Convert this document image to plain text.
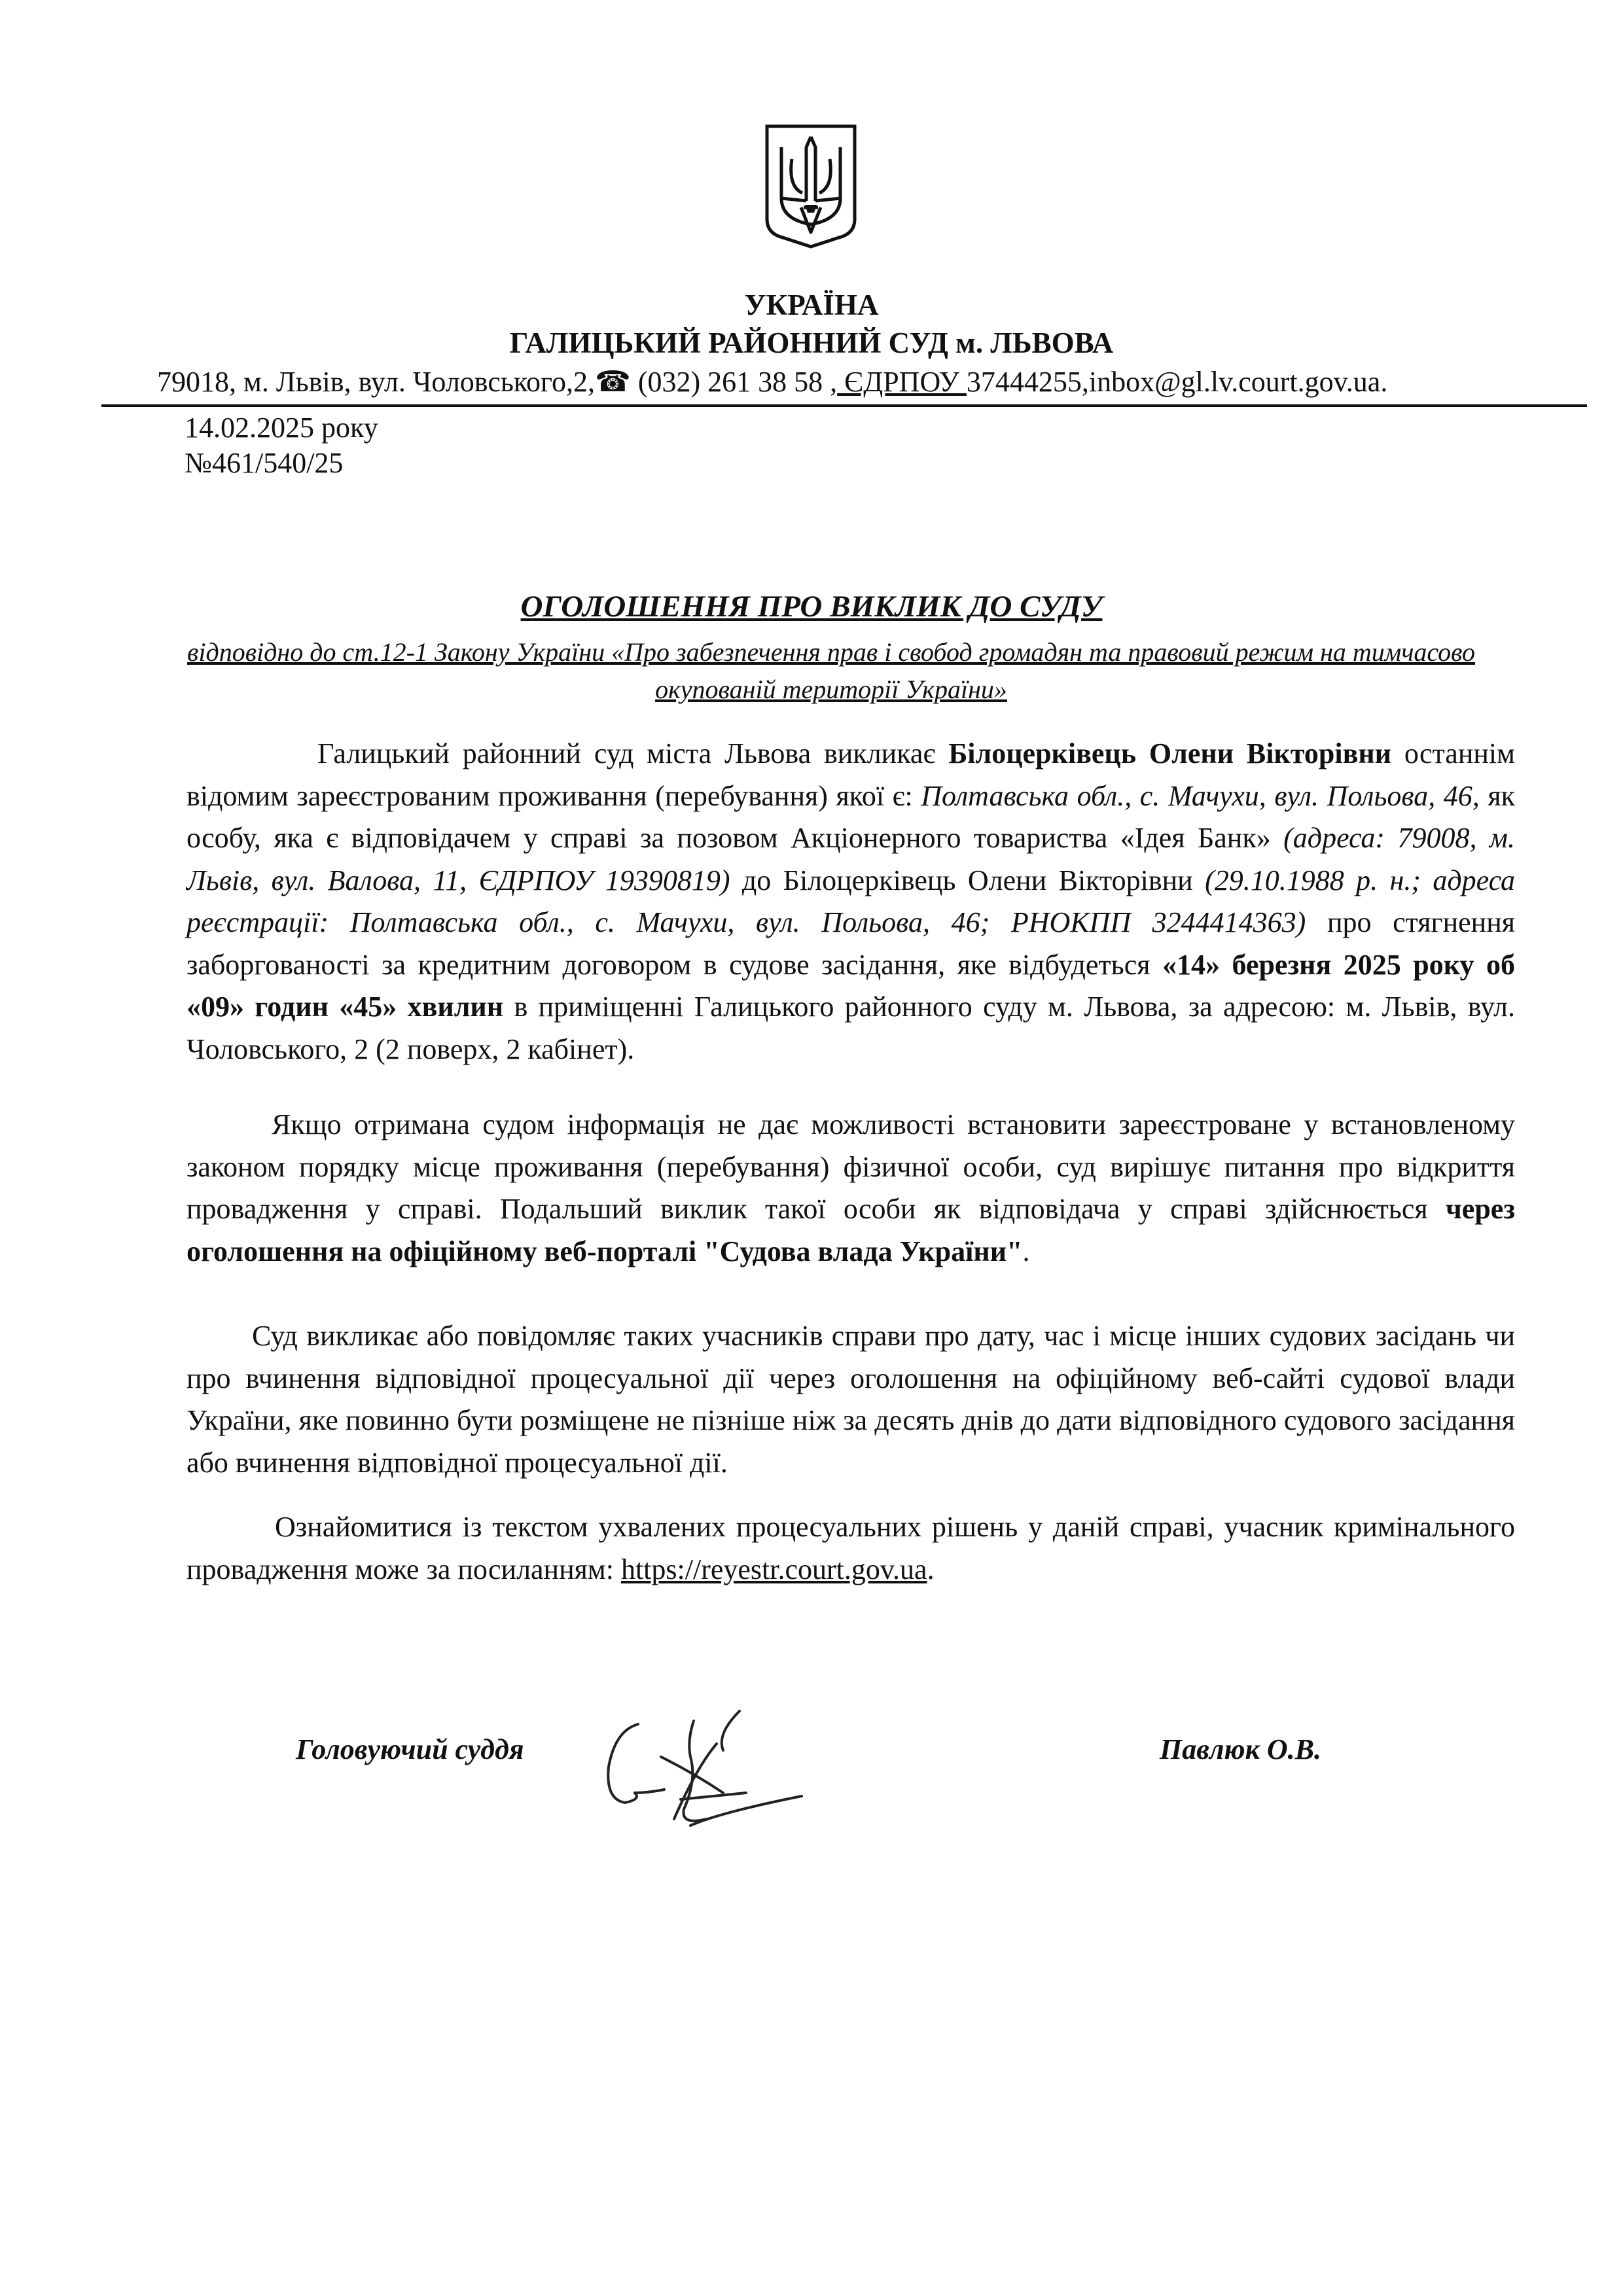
УКРАЇНА
ГАЛИЦЬКИЙ РАЙОННИЙ СУД м. ЛЬВОВА
79018, м. Львів, вул. Чоловського,2,☎ (032) 261 38 58 , ЄДРПОУ 37444255,inbox@gl.lv.court.gov.ua.
14.02.2025 року
№461/540/25
ОГОЛОШЕННЯ ПРО ВИКЛИК ДО СУДУ
відповідно до ст.12-1 Закону України «Про забезпечення прав і свобод громадян та правовий режим на тимчасово окупованій території України»
Галицький районний суд міста Львова викликає Білоцерківець Олени Вікторівни останнім відомим зареєстрованим проживання (перебування) якої є: Полтавська обл., с. Мачухи, вул. Польова, 46, як особу, яка є відповідачем у справі за позовом Акціонерного товариства «Ідея Банк» (адреса: 79008, м. Львів, вул. Валова, 11, ЄДРПОУ 19390819) до Білоцерківець Олени Вікторівни (29.10.1988 р. н.; адреса реєстрації: Полтавська обл., с. Мачухи, вул. Польова, 46; РНОКПП 3244414363) про стягнення заборгованості за кредитним договором в судове засідання, яке відбудеться «14» березня 2025 року об «09» годин «45» хвилин в приміщенні Галицького районного суду м. Львова, за адресою: м. Львів, вул. Чоловського, 2 (2 поверх, 2 кабінет).
Якщо отримана судом інформація не дає можливості встановити зареєстроване у встановленому законом порядку місце проживання (перебування) фізичної особи, суд вирішує питання про відкриття провадження у справі. Подальший виклик такої особи як відповідача у справі здійснюється через оголошення на офіційному веб-порталі "Судова влада України".
Суд викликає або повідомляє таких учасників справи про дату, час і місце інших судових засідань чи про вчинення відповідної процесуальної дії через оголошення на офіційному веб-сайті судової влади України, яке повинно бути розміщене не пізніше ніж за десять днів до дати відповідного судового засідання або вчинення відповідної процесуальної дії.
Ознайомитися із текстом ухвалених процесуальних рішень у даній справі, учасник кримінального провадження може за посиланням: https://reyestr.court.gov.ua.
Головуючий суддя	Павлюк О.В.
